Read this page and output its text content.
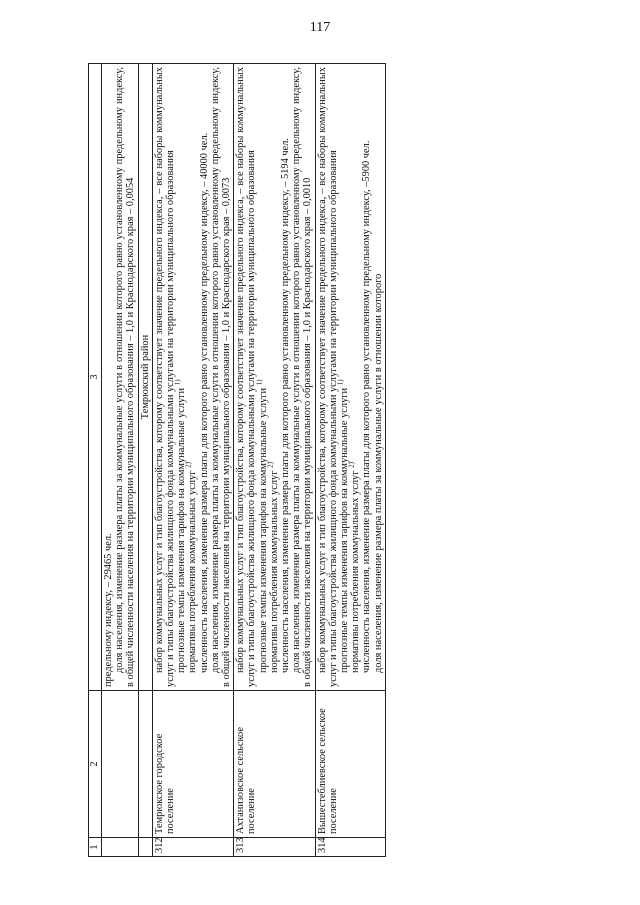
117
1	2	3

		предельному индексу, – 29465 чел. доля населения, изменение размера платы за коммунальные услуги в отношении которого равно установленному предельному индексу, в общей численности населения на территории муниципального образования – 1,0 и Краснодарского края – 0,0054

		Темрюкский район
312	Темрюкское городское поселение	набор коммунальных услуг и тип благоустройства, которому соответствует значение предельного индекса, – все наборы коммунальных услуг и типы благоустройства жилищного фонда коммунальными услугами на территории муниципального образования прогнозные темпы изменения тарифов на коммунальные услуги $^{1)}$

нормативы потребления коммунальных услуг $^{2)}$ численность населения, изменение размера платы для которого равно установленному предельному индексу, – 40000 чел. доля населения, изменение размера платы за коммунальные услуги в отношении которого равно установленному предельному индексу, в общей численности населения на территории муниципального образования – 1,0 и Краснодарского края – 0,0073

313	Ахтанизовское сельское поселение	набор коммунальных услуг и тип благоустройства, которому соответствует значение предельного индекса, – все наборы коммунальных услуг и типы благоустройства жилищного фонда коммунальными услугами на территории муниципального образования прогнозные темпы изменения тарифов на коммунальные услуги $^{1)}$

нормативы потребления коммунальных услуг $^{2)}$ численность населения, изменение размера платы для которого равно установленному предельному индексу, – 5194 чел. доля населения, изменение размера платы за коммунальные услуги в отношении которого равно установленному предельному индексу, в общей численности населения на территории муниципального образования – 1,0 и Краснодарского края – 0,0010

314	Вышестеблиевское сельское поселение	набор коммунальных услуг и тип благоустройства, которому соответствует значение предельного индекса, – все наборы коммунальных услуг и типы благоустройства жилищного фонда коммунальными услугами на территории муниципального образования прогнозные темпы изменения тарифов на коммунальные услуги $^{1)}$

нормативы потребления коммунальных услуг $^{2)}$ численность населения, изменение размера платы для которого равно установленному предельному индексу, –5900 чел. доля населения, изменение размера платы за коммунальные услуги в отношении которого
